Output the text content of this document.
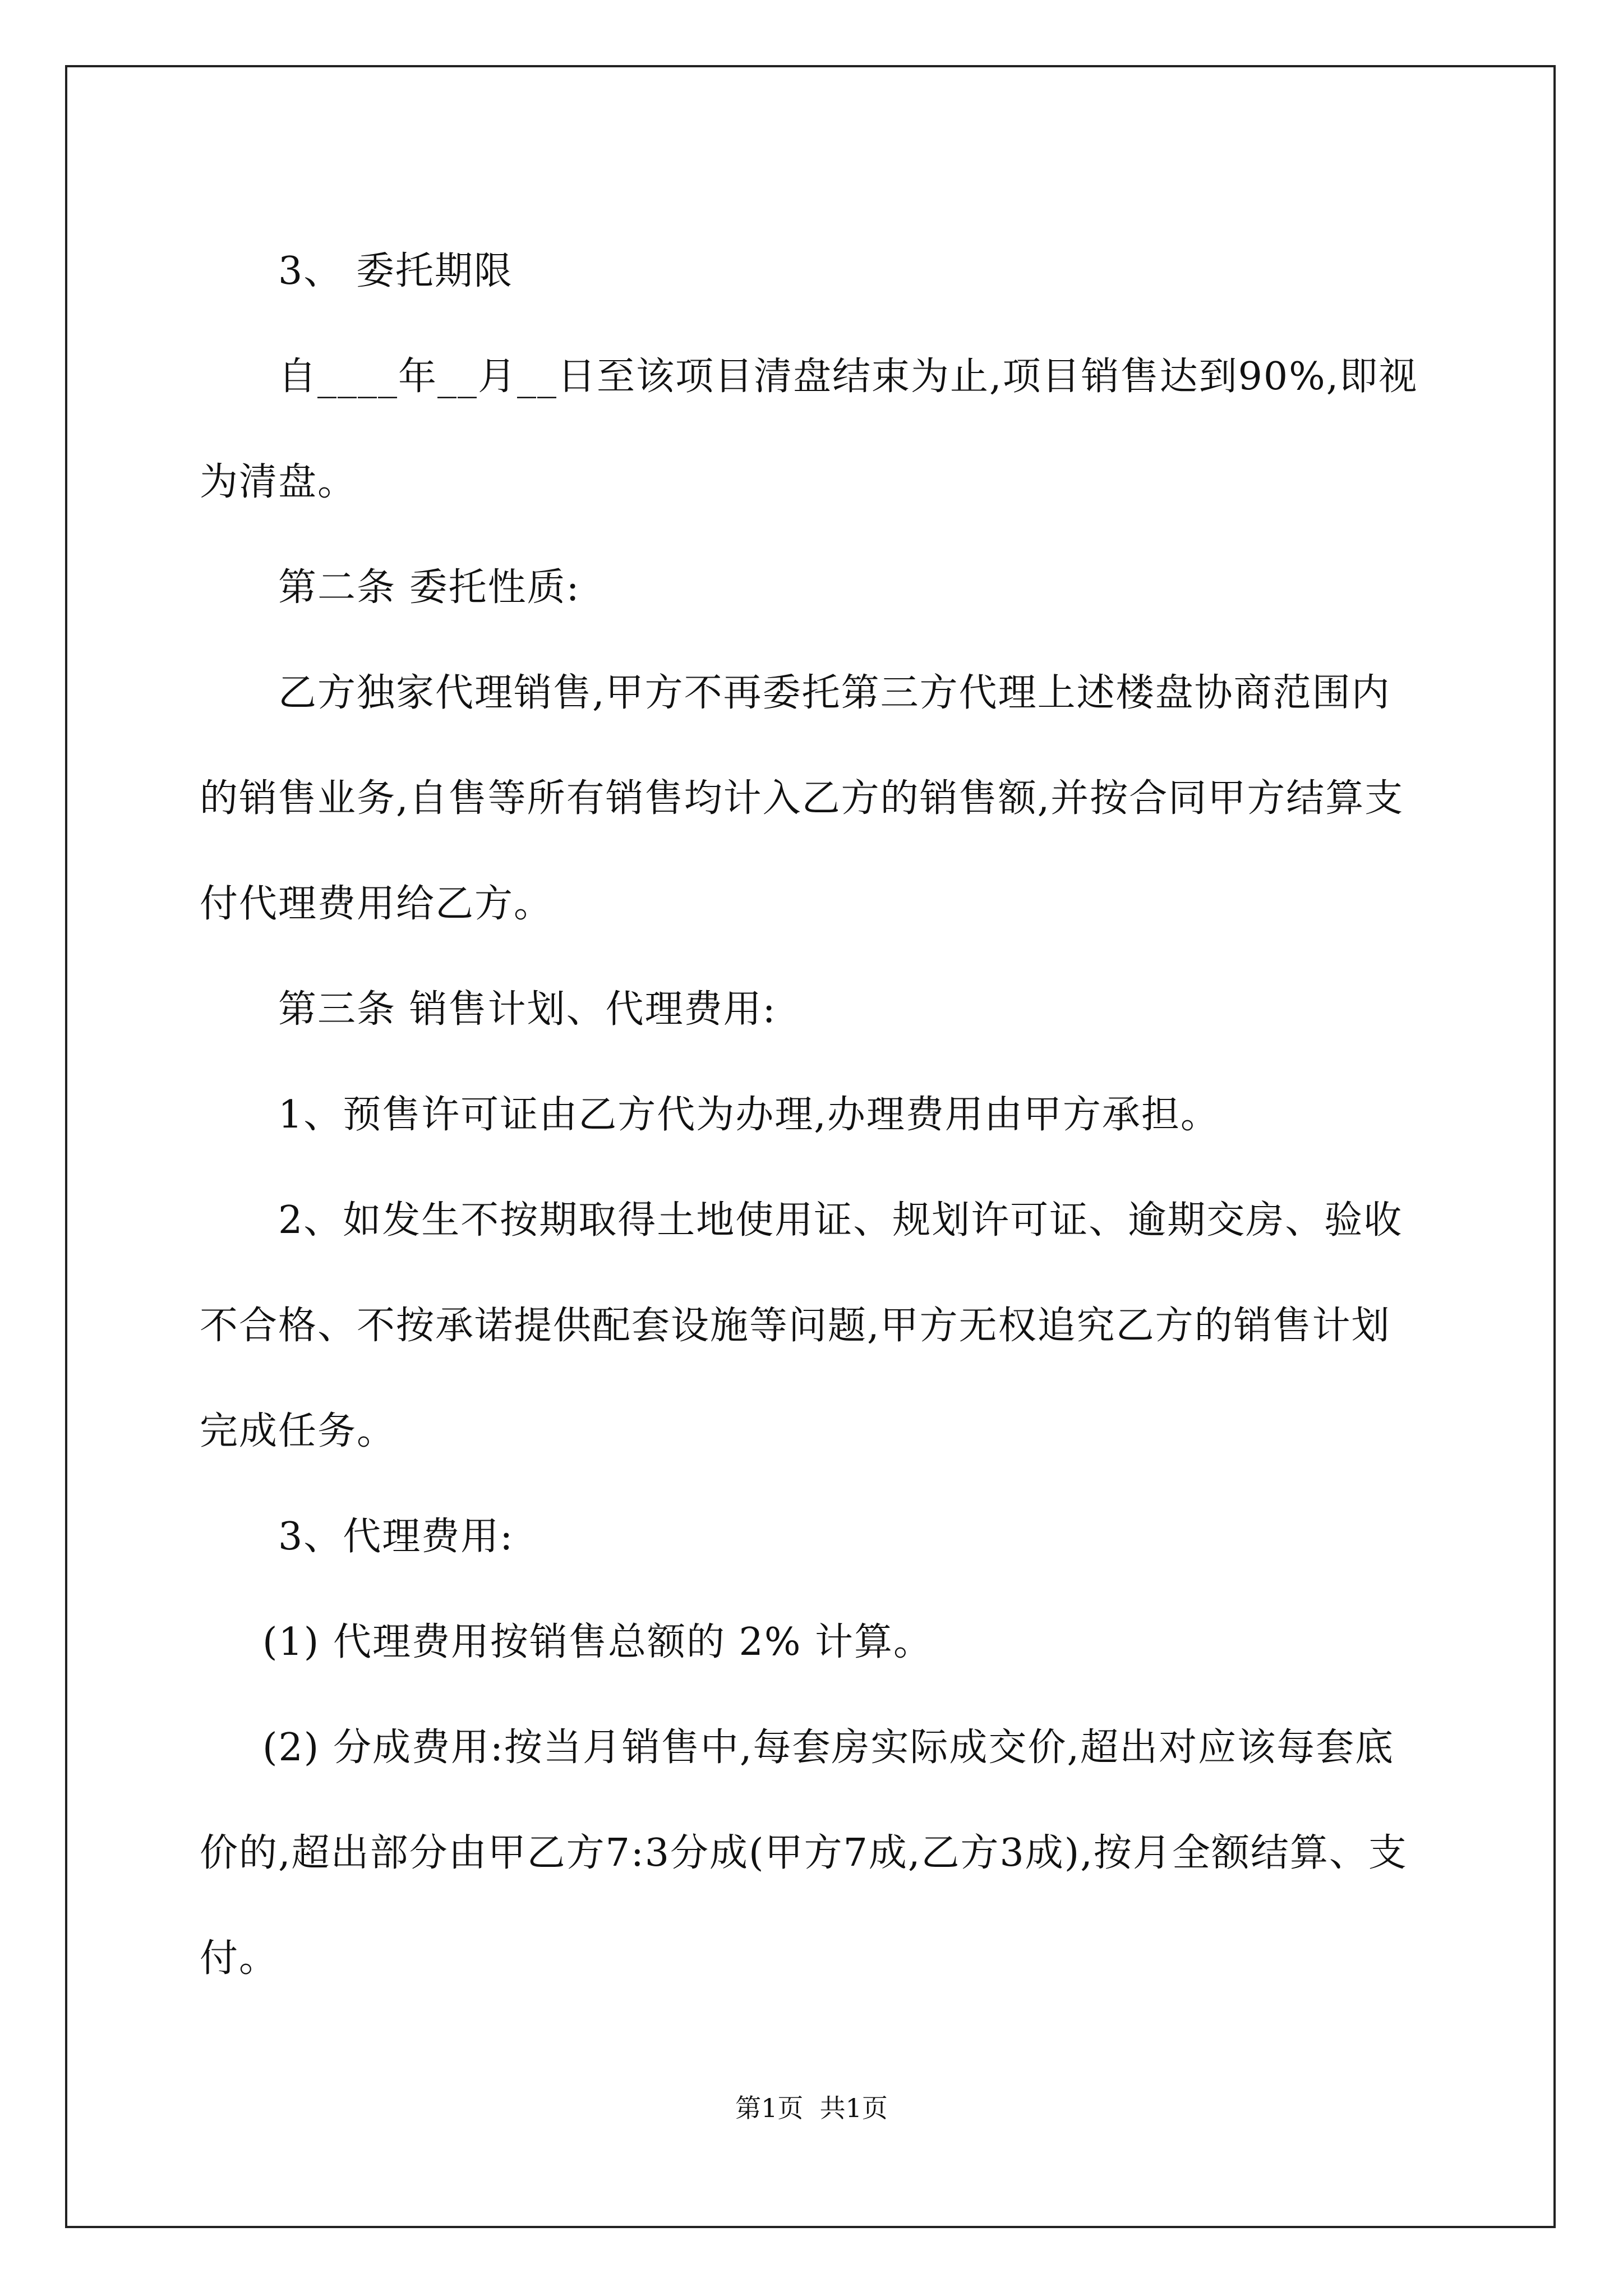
3、 委托期限

自____年__月__日至该项目清盘结束为止,项目销售达到90%,即视为清盘。

第二条 委托性质:

乙方独家代理销售,甲方不再委托第三方代理上述楼盘协商范围内的销售业务,自售等所有销售均计入乙方的销售额,并按合同甲方结算支付代理费用给乙方。

第三条 销售计划、代理费用:

1、预售许可证由乙方代为办理,办理费用由甲方承担。

2、如发生不按期取得土地使用证、规划许可证、逾期交房、验收不合格、不按承诺提供配套设施等问题,甲方无权追究乙方的销售计划完成任务。

3、代理费用:

(1) 代理费用按销售总额的 2% 计算。

(2) 分成费用:按当月销售中,每套房实际成交价,超出对应该每套底价的,超出部分由甲乙方7:3分成(甲方7成,乙方3成),按月全额结算、支付。

第1页  共1页
